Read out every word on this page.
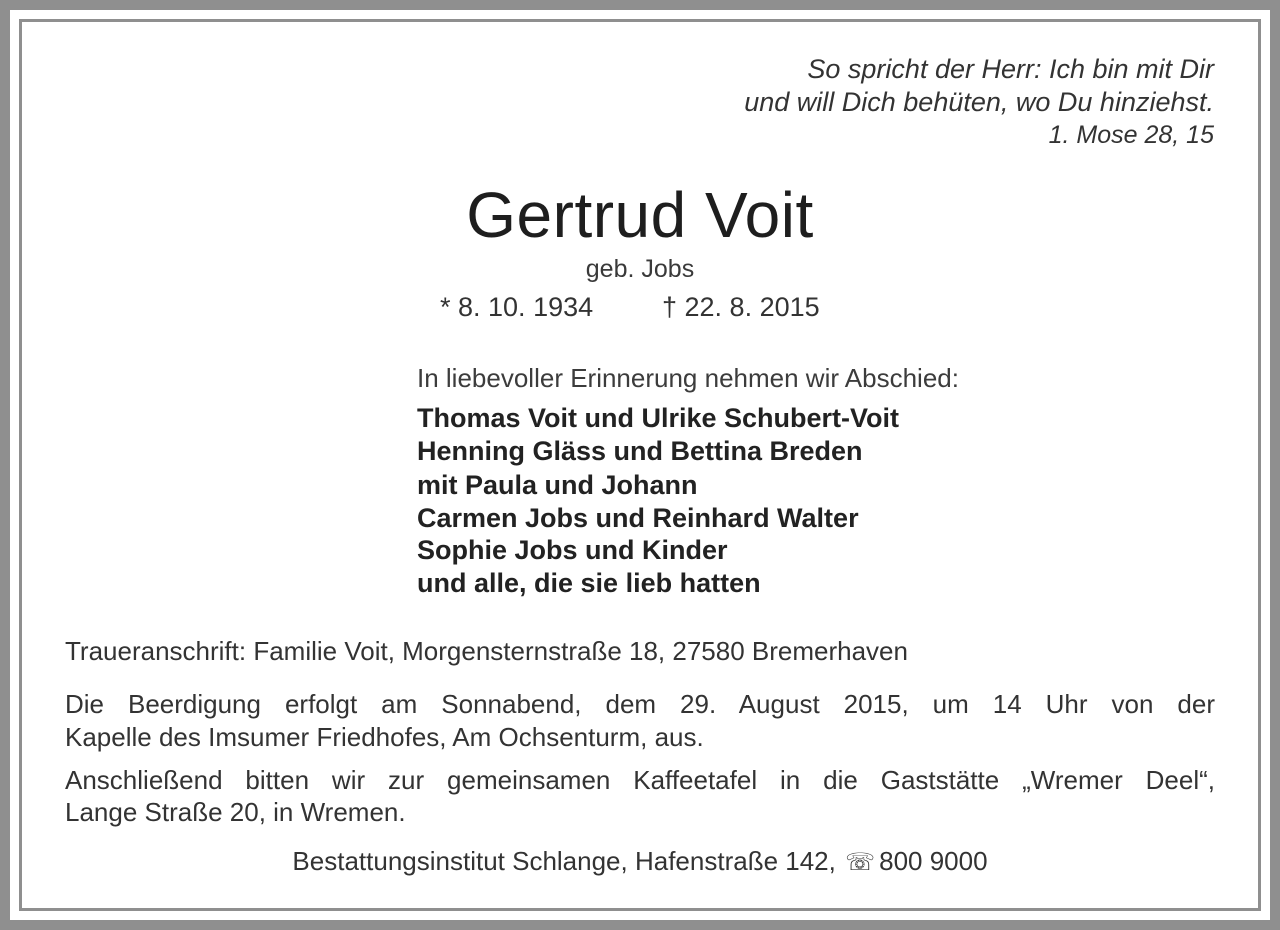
So spricht der Herr: Ich bin mit Dir

und will Dich behüten, wo Du hinziehst.

1. Mose 28, 15

Gertrud Voit

geb. Jobs

* 8. 10. 1934	† 22. 8. 2015

In liebevoller Erinnerung nehmen wir Abschied:

Thomas Voit und Ulrike Schubert-Voit

Henning Gläss und Bettina Breden

mit Paula und Johann

Carmen Jobs und Reinhard Walter

Sophie Jobs und Kinder

und alle, die sie lieb hatten

Traueranschrift: Familie Voit, Morgensternstraße 18, 27580 Bremerhaven

Die Beerdigung erfolgt am Sonnabend, dem 29. August 2015, um 14 Uhr von der

Kapelle des Imsumer Friedhofes, Am Ochsenturm, aus.

Anschließend bitten wir zur gemeinsamen Kaffeetafel in die Gaststätte „Wremer Deel“,

Lange Straße 20, in Wremen.

Bestattungsinstitut Schlange, Hafenstraße 142, ☏ 800 9000
